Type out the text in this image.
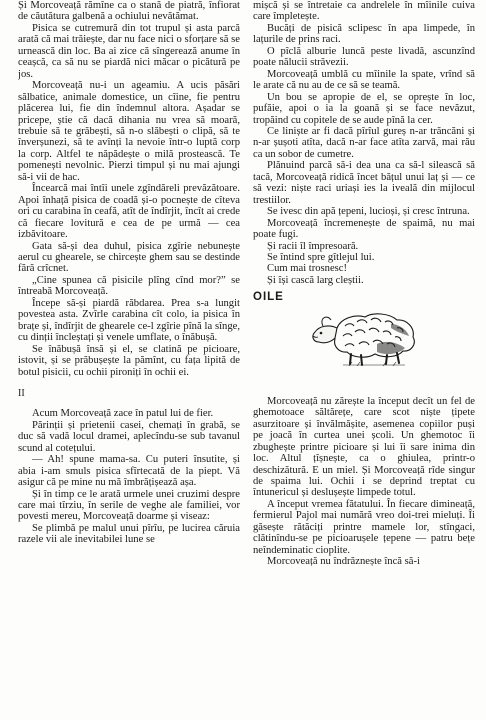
Și Morcoveață rămîne ca o stană de piatră, înfiorat de căutătura galbenă a ochiului nevătămat.

Pisica se cutremură din tot trupul și asta parcă arată că mai trăiește, dar nu face nici o sforțare să se urnească din loc. Ba ai zice că sîngerează anume în ceașcă, ca să nu se piardă nici măcar o picătură pe jos.

Morcoveață nu-i un ageamiu. A ucis păsări sălbatice, animale domestice, un cîine, fie pentru plăcerea lui, fie din îndemnul altora. Așadar se pricepe, știe că dacă dihania nu vrea să moară, trebuie să te grăbești, să n-o slăbești o clipă, să te înverșunezi, să te avînți la nevoie într-o luptă corp la corp. Altfel te năpădește o milă prostească. Te pomenești nevolnic. Pierzi timpul și nu mai ajungi să-i vii de hac.

Încearcă mai întîi unele zgîndăreli prevăzătoare. Apoi înhață pisica de coadă și-o pocnește de cîteva ori cu carabina în ceafă, atît de îndîrjit, încît ai crede că fiecare lovitură e cea de pe urmă — cea izbăvitoare.

Gata să-și dea duhul, pisica zgîrie nebunește aerul cu ghearele, se chircește ghem sau se destinde fără crîcnet.

„Cine spunea că pisicile plîng cînd mor?” se întreabă Morcoveață.

Începe să-și piardă răbdarea. Prea s-a lungit povestea asta. Zvîrle carabina cît colo, ia pisica în brațe și, îndîrjit de ghearele ce-l zgîrie pînă la sînge, cu dinții încleștați și venele umflate, o înăbușă.

Se înăbușă însă și el, se clatină pe picioare, istovit, și se prăbușește la pămînt, cu fața lipită de botul pisicii, cu ochii pironiți în ochii ei.

II

Acum Morcoveață zace în patul lui de fier.

Părinții și prietenii casei, chemați în grabă, se duc să vadă locul dramei, aplecîndu-se sub tavanul scund al cotețului.

— Ah! spune mama-sa. Cu puteri însutite, și abia i-am smuls pisica sfîrtecată de la piept. Vă asigur că pe mine nu mă îmbrățișează așa.

Și în timp ce le arată urmele unei cruzimi despre care mai tîrziu, în serile de veghe ale familiei, vor povesti mereu, Morcoveață doarme și viseaz:

Se plimbă pe malul unui pîrîu, pe lucirea căruia razele vii ale inevitabilei lune se

mișcă și se întretaie ca andrelele în mîinile cuiva care împletește.

Bucăți de pisică sclipesc în apa limpede, în lațurile de prins raci.

O pîclă alburie luncă peste livadă, ascunzînd poate nălucii străvezii.

Morcoveață umblă cu mîinile la spate, vrînd să le arate că nu au de ce să se teamă.

Un bou se apropie de el, se oprește în loc, pufăie, apoi o ia la goană și se face nevăzut, tropăind cu copitele de se aude pînă la cer.

Ce liniște ar fi dacă pîrîul gureș n-ar trăncăni și n-ar șușoti atîta, dacă n-ar face atîta zarvă, mai rău ca un sobor de cumetre.

Plănuind parcă să-i dea una ca să-l silească să tacă, Morcoveață ridică încet bățul unui laț și — ce să vezi: niște raci uriași ies la iveală din mijlocul trestiilor.

Se ivesc din apă țepeni, lucioși, și cresc întruna.

Morcoveață încremenește de spaimă, nu mai poate fugi.

Și racii îl împresoară.

Se întind spre gîtlejul lui.

Cum mai trosnesc!

Și își cască larg cleștii.

OILE

Morcoveață nu zărește la început decît un fel de ghemotoace săltărețe, care scot niște țipete asurzitoare și învălmășite, asemenea copiilor puși pe joacă în curtea unei școli. Un ghemotoc îi zbughește printre picioare și lui îi sare inima din loc. Altul țîșnește, ca o ghiulea, printr-o deschizătură. E un miel. Și Morcoveață rîde singur de spaima lui. Ochii i se deprind treptat cu întunericul și deslușește limpede totul.

A început vremea fătatului. În fiecare dimineață, fermierul Pajol mai numără vreo doi-trei mieluți. Îi găsește rătăciți printre mamele lor, stîngaci, clătinîndu-se pe picioarușele țepene — patru bețe neîndeminatic cioplite.

Morcoveață nu îndrăznește încă să-i
